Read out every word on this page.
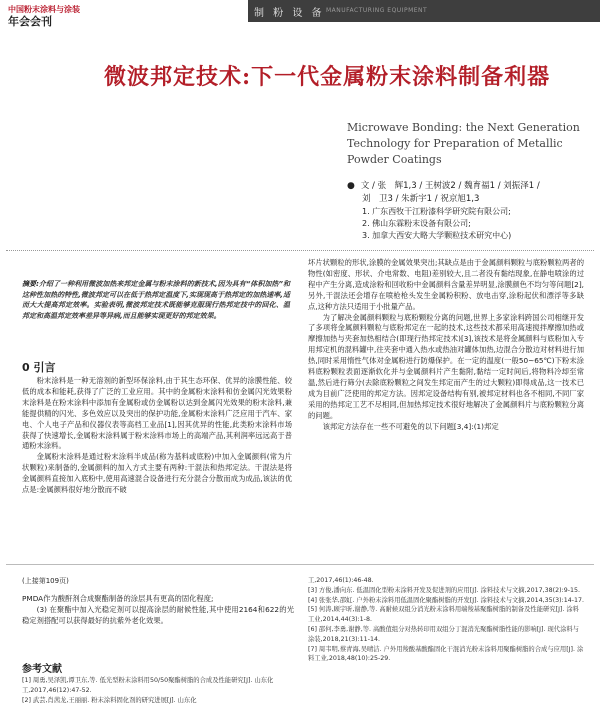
中国粉末涂料与涂装
年会会刊
制 粉 设 备 MANUFACTURING EQUIPMENT
微波邦定技术:下一代金属粉末涂料制备利器
Microwave Bonding: the Next Generation Technology for Preparation of Metallic Powder Coatings
● 文 / 张　辉1,3 / 王树波2 / 魏育福1 / 刘振泽1 /
刘　卫3 / 朱新宇1 / 祝京旭1,3
1. 广东西牧干江粉漆科学研究院有限公司;
2. 佛山东霖粉末设备有限公司;
3. 加拿大西安大略大学颗粒技术研究中心)
摘要:介绍了一种利用微波加热来邦定金属与粉末涂料的新技术,因为具有“体积加热”和这种性加热的特性,微波邦定可以在低于热邦定温度下,实现现高于热邦定的加热速率,适而大大提高邦定效率。实验表明,微波邦定技术既能够克服现行热邦定技中的回化、温邦定和高温邦定效率差异等异病,而且能够实现更好的邦定效果。
0 引言

粉末涂料是一种无溶剂的新型环保涂料,由于其生态环保、优异的涂膜性能、较低的成本和能耗,获得了广泛的工业应用。其中的金属粉末涂料和仿金属闪光效果粉末涂料是在粉末涂料中添加有金属粉或仿金属粉以达到金属闪光效果的粉末涂料,兼能提供精的闪光、多色效应以及突出的保护功能,金属粉末涂料广泛应用于汽车、家电、个人电子产品和仪器仪表等高档工业品[1],因其优异的性能,此类粉末涂料市场获得了快速增长,金属粉末涂料属于粉末涂料市场上的高端产品,其利润率远远高于普通粉末涂料。

金属粉末涂料是通过粉末涂料半成品(称为基料或底粉)中加入金属颜料(常为片状颗粒)来制备的,金属颜料的加入方式主要有两种:干混法和热邦定法。干混法是将金属颜料直接加入底粉中,使用高速混合设备进行充分混合分散而成为成品,该法的优点是:金属颜料很好地分散而不破

坏片状颗粒的形状,涂膜的金属效果突出;其缺点是由于金属颜料颗粒与底粉颗粒两者的物性(如密度、形状、介电常数、电阻)差别较大,且二者没有黏结现象,在静电喷涂的过程中产生分离,造成涂粉和回收粉中金属颜料含量差异明显,涂膜颜色不均匀等问题[2],另外,干混法还会增存在喷枪枪头发生金属粉积粉、放电击穿,涂粉起伏和漂浮等多缺点,这种方法只适用于小批量产品。

为了解决金属颜料颗粒与底粉颗粒分离的问题,世界上多家涂料跨国公司相继开发了多项将金属颜料颗粒与底粉邦定在一起的技术,这些技术都采用高速搅拌摩擦加热或摩擦加热与夹套加热相结合(即现行热邦定技术)[3],该技术是将金属颜料与底粉加入专用邦定机的混料罐中,往夹套中通入热水或热油对罐体加热,边混合分散边对材料进行加热,同时采用惰性气体对金属粉进行防爆保护。在一定的温度(一般50~65℃)下粉末涂料底粉颗粒表面逐渐软化并与金属颜料片产生黏附,黏结一定时间后,将物料冷却至常温,然后进行筛分(去除底粉颗粒之间发生邦定而产生的过大颗粒)即得成品,这一技术已成为目前广泛使用的邦定方法。因邦定设备结构有别,被邦定材料也各不相同,不同厂家采用的热邦定工艺不尽相同,但加热邦定技术很好地解决了金属颜料片与底粉颗粒分离的问题。

该邦定方法存在一些不可避免的以下问题[3,4]:(1)邦定

(上接第109页)

PMDA作为酸酐剂合成聚酯制备的涂层具有更高的固化程度;

(3) 在聚酯中加入光稳定剂可以提高涂层的耐候性能,其中使用2164和622的光稳定剂搭配可以获得最好的抗紫外老化效果。

参考文献

[1] 周勇,吴泽凯,谭卫东,等. 低光型粉末涂料用50/50聚酯树脂的合成及性能研究[J]. 山东化工,2017,46(12):47-52.

[2] 武芸,肖茜龙,王丽丽. 粉末涂料固化剂的研究进展[J]. 山东化

工,2017,46(1):46-48.

[3] 方俊,潘向东. 低温固化型粉末涂料开发及促进剂的应用[J]. 涂料技术与文摘,2017,38(2):9-15.

[4] 张张华,邵虹. 户外粉末涂料用低温固化聚酯树脂的开发[J]. 涂料技术与文摘,2014,35(3):14-17.

[5] 何涛,顾宇昕,谢静,等. 高耐候双组分消光粉末涂料用端羧基聚酯树脂的制备及性能研究[J]. 涂料工业,2014,44(3):1-8.

[6] 邵何,李勇,谢静,等. 高酸值组分对热转印用双组分丁混消光聚酯树脂性能的影响[J]. 现代涂料与涂装,2018,21(3):11-14.

[7] 周韦明,蔡青海,吴晴洁. 户外用羧酸基酸酯固化干混消光粉末涂料用聚酯树脂的合成与应用[J]. 涂料工业,2018,48(10):25-29.
